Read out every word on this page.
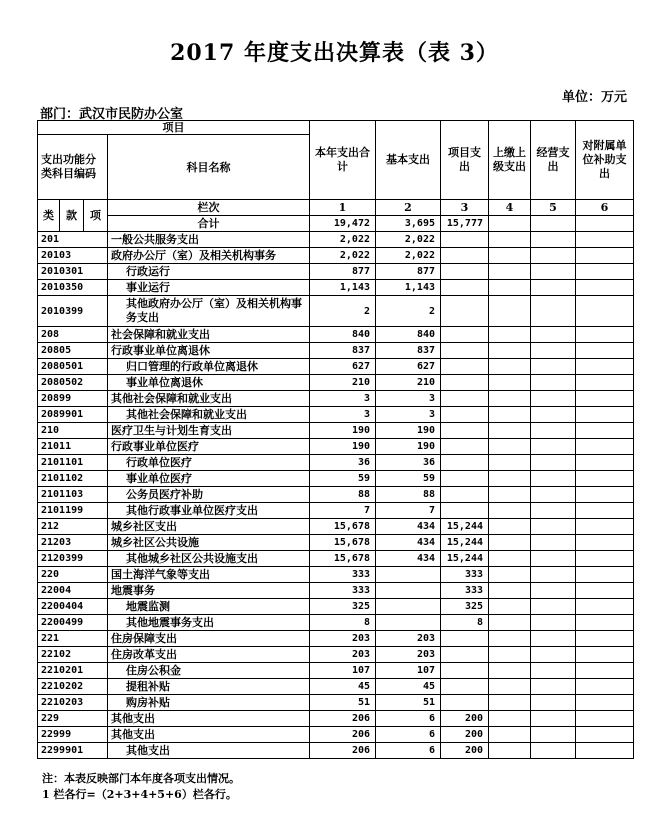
2017 年度支出决算表（表 3）
单位：万元
部门：武汉市民防办公室
项目				本年支出合计	基本支出	项目支出	上缴上级支出	经营支出	对附属单位补助支出
支出功能分类科目编码			科目名称						
类	款	项	栏次	1	2	3	4	5	6
			合计	19,472	3,695	15,777			
201			一般公共服务支出	2,022	2,022				
20103			政府办公厅（室）及相关机构事务	2,022	2,022				
2010301			行政运行	877	877				
2010350			事业运行	1,143	1,143				
2010399			其他政府办公厅（室）及相关机构事务支出	2	2				
208			社会保障和就业支出	840	840				
20805			行政事业单位离退休	837	837				
2080501			归口管理的行政单位离退休	627	627				
2080502			事业单位离退休	210	210				
20899			其他社会保障和就业支出	3	3				
2089901			其他社会保障和就业支出	3	3				
210			医疗卫生与计划生育支出	190	190				
21011			行政事业单位医疗	190	190				
2101101			行政单位医疗	36	36				
2101102			事业单位医疗	59	59				
2101103			公务员医疗补助	88	88				
2101199			其他行政事业单位医疗支出	7	7				
212			城乡社区支出	15,678	434	15,244			
21203			城乡社区公共设施	15,678	434	15,244			
2120399			其他城乡社区公共设施支出	15,678	434	15,244			
220			国土海洋气象等支出	333		333			
22004			地震事务	333		333			
2200404			地震监测	325		325			
2200499			其他地震事务支出	8		8			
221			住房保障支出	203	203				
22102			住房改革支出	203	203				
2210201			住房公积金	107	107				
2210202			提租补贴	45	45				
2210203			购房补贴	51	51				
229			其他支出	206	6	200			
22999			其他支出	206	6	200			
2299901			其他支出	206	6	200			
注：本表反映部门本年度各项支出情况。
1 栏各行=（2+3+4+5+6）栏各行。
